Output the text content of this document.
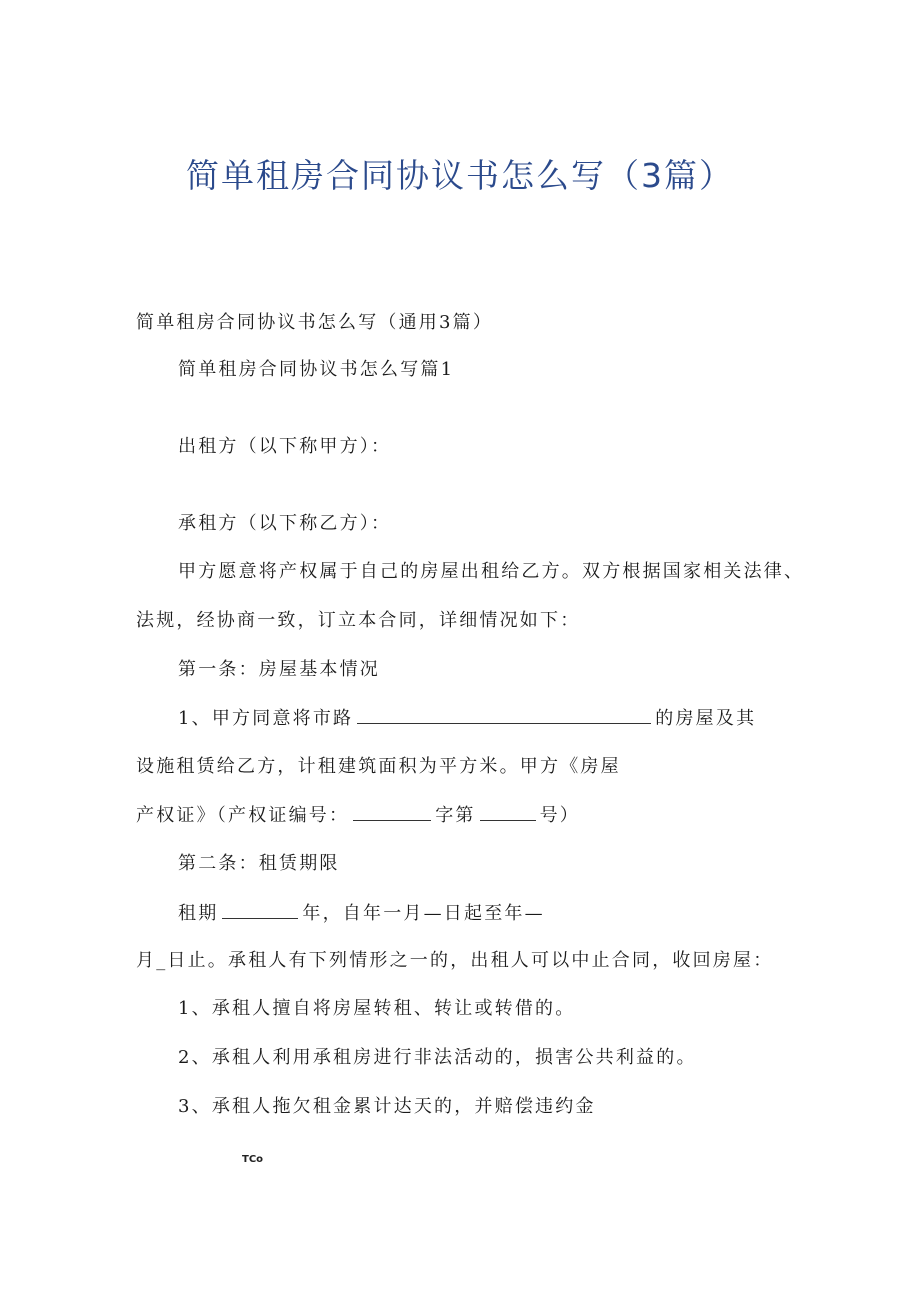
简单租房合同协议书怎么写（3篇）
简单租房合同协议书怎么写（通用3篇）
简单租房合同协议书怎么写篇1
出租方（以下称甲方）：
承租方（以下称乙方）：
甲方愿意将产权属于自己的房屋出租给乙方。双方根据国家相关法律、
法规，经协商一致，订立本合同，详细情况如下：
第一条：房屋基本情况
1、甲方同意将市路	的房屋及其
设施租赁给乙方，计租建筑面积为平方米。甲方《房屋
产权证》（产权证编号：	字第	号）
第二条：租赁期限
租期	年，自年一月—日起至年—
月_日止。承租人有下列情形之一的，出租人可以中止合同，收回房屋：
1、承租人擅自将房屋转租、转让或转借的。
2、承租人利用承租房进行非法活动的，损害公共利益的。
3、承租人拖欠租金累计达天的，并赔偿违约金
TCo
